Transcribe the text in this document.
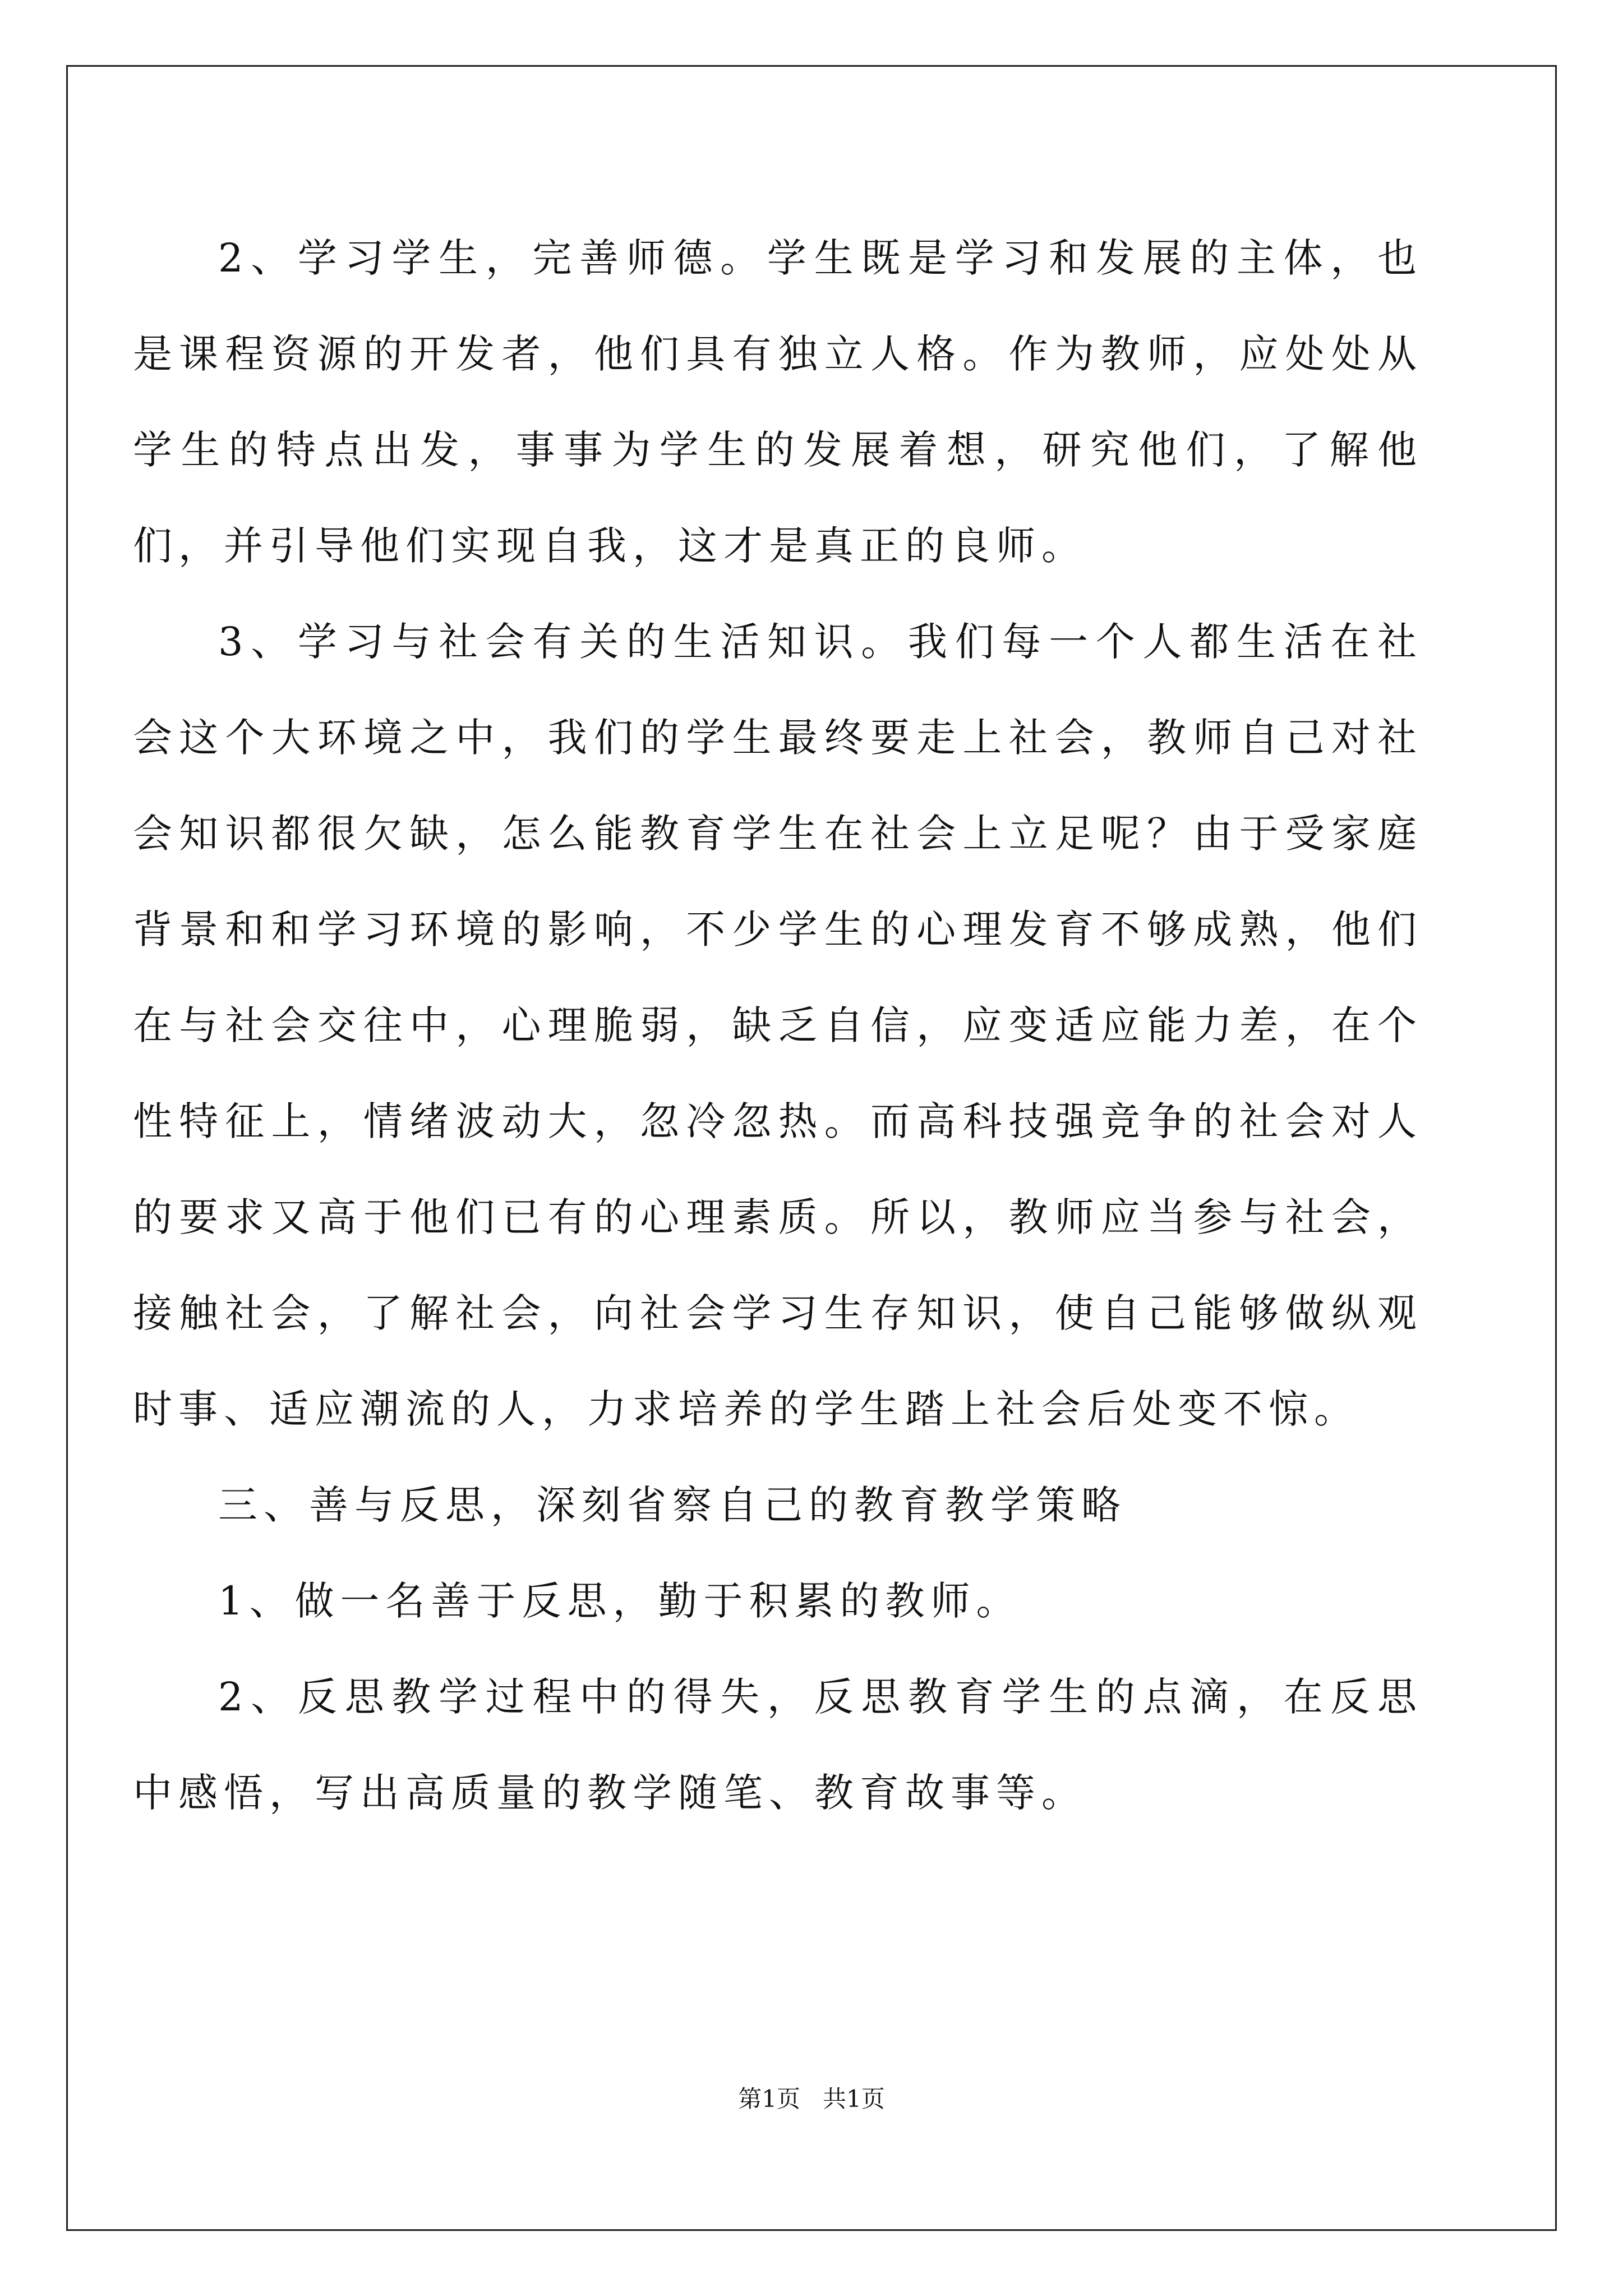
2、学习学生，完善师德。学生既是学习和发展的主体，也是课程资源的开发者，他们具有独立人格。作为教师，应处处从学生的特点出发，事事为学生的发展着想，研究他们，了解他们，并引导他们实现自我，这才是真正的良师。

3、学习与社会有关的生活知识。我们每一个人都生活在社会这个大环境之中，我们的学生最终要走上社会，教师自己对社会知识都很欠缺，怎么能教育学生在社会上立足呢？由于受家庭背景和和学习环境的影响，不少学生的心理发育不够成熟，他们在与社会交往中，心理脆弱，缺乏自信，应变适应能力差，在个性特征上，情绪波动大，忽冷忽热。而高科技强竞争的社会对人的要求又高于他们已有的心理素质。所以，教师应当参与社会，接触社会，了解社会，向社会学习生存知识，使自己能够做纵观时事、适应潮流的人，力求培养的学生踏上社会后处变不惊。

三、善与反思，深刻省察自己的教育教学策略

1、做一名善于反思，勤于积累的教师。

2、反思教学过程中的得失，反思教育学生的点滴，在反思中感悟，写出高质量的教学随笔、教育故事等。

第1页 共1页
